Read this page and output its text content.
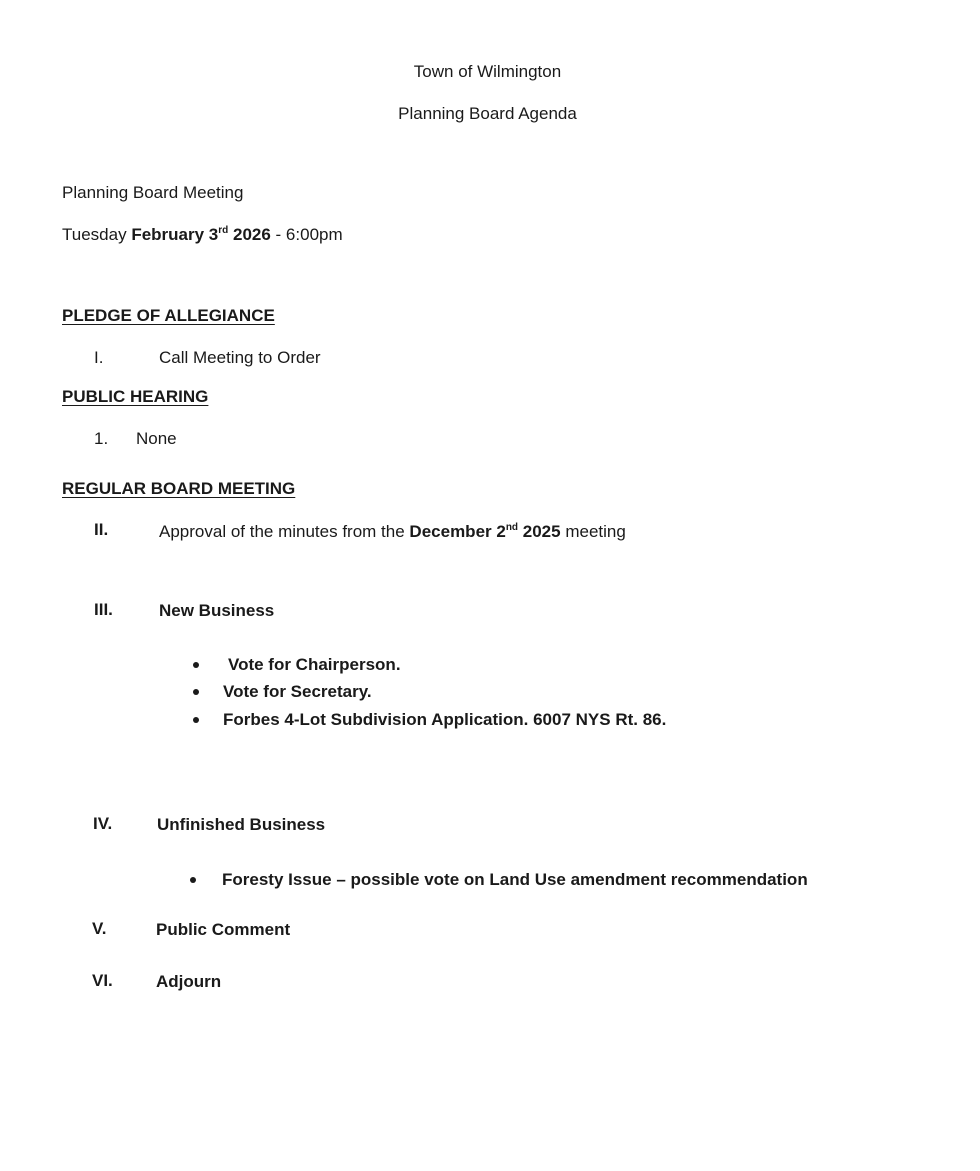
Town of Wilmington
Planning Board Agenda
Planning Board Meeting
Tuesday February 3rd 2026 - 6:00pm
PLEDGE OF ALLEGIANCE
I.	Call Meeting to Order
PUBLIC HEARING
1. None
REGULAR BOARD MEETING
II.	Approval of the minutes from the December 2nd 2025 meeting
III.	New Business
Vote for Chairperson.
Vote for Secretary.
Forbes 4-Lot Subdivision Application. 6007 NYS Rt. 86.
IV.	Unfinished Business
Foresty Issue – possible vote on Land Use amendment recommendation
V.	Public Comment
VI.	Adjourn
